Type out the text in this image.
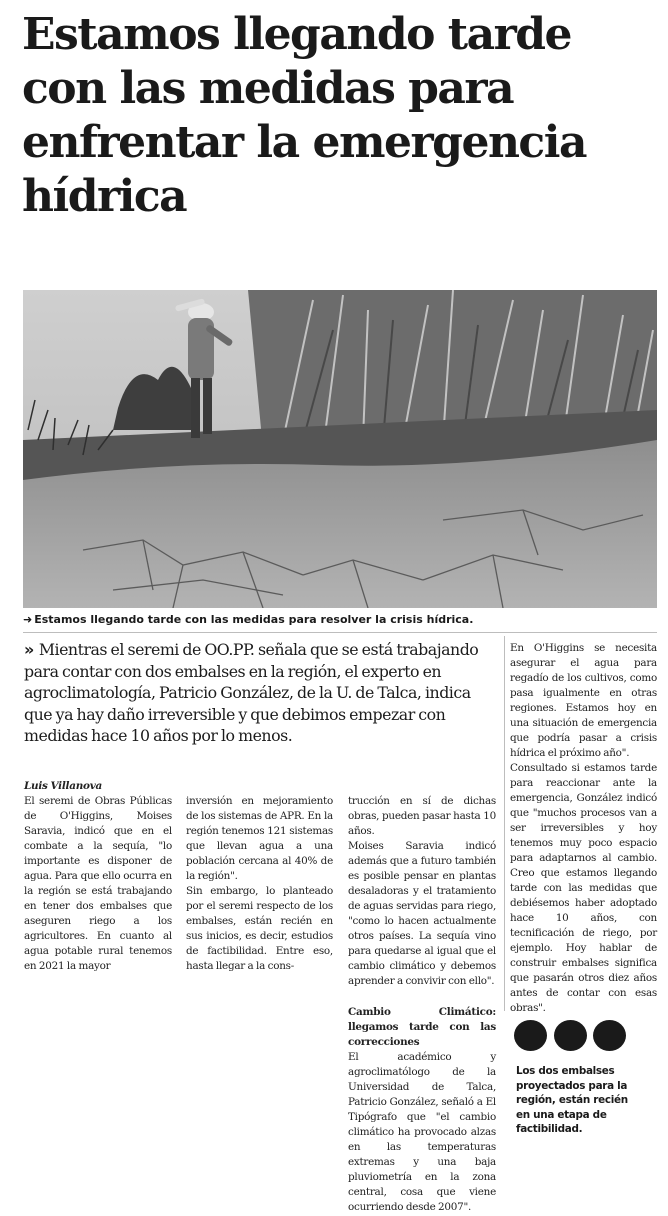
Estamos llegando tarde con las medidas para enfrentar la emergencia hídrica
➜ Estamos llegando tarde con las medidas para resolver la crisis hídrica.
» Mientras el seremi de OO.PP. señala que se está trabajando para contar con dos embalses en la región, el experto en agroclimatología, Patricio González, de la U. de Talca, indica que ya hay daño irreversible y que debimos empezar con medidas hace 10 años por lo menos.
Luis Villanova

El seremi de Obras Públicas de O'Higgins, Moises Saravia, indicó que en el combate a la sequía, "lo importante es disponer de agua. Para que ello ocurra en la región se está trabajando en tener dos embalses que aseguren riego a los agricultores. En cuanto al agua potable rural tenemos en 2021 la mayor

inversión en mejoramiento de los sistemas de APR. En la región tenemos 121 sistemas que llevan agua a una población cercana al 40% de la región".

Sin embargo, lo planteado por el seremi respecto de los embalses, están recién en sus inicios, es decir, estudios de factibilidad. Entre eso, hasta llegar a la cons-

trucción en sí de dichas obras, pueden pasar hasta 10 años.

Moises Saravia indicó además que a futuro también es posible pensar en plantas desaladoras y el tratamiento de aguas servidas para riego, "como lo hacen actualmente otros países. La sequía vino para quedarse al igual que el cambio climático y debemos aprender a convivir con ello".

Cambio Climático: llegamos tarde con las correcciones

El académico y agroclimatólogo de la Universidad de Talca, Patricio González, señaló a El Tipógrafo que "el cambio climático ha provocado alzas en las temperaturas extremas y una baja pluviometría en la zona central, cosa que viene ocurriendo desde 2007".

En O'Higgins se necesita asegurar el agua para regadío de los cultivos, como pasa igualmente en otras regiones. Estamos hoy en una situación de emergencia que podría pasar a crisis hídrica el próximo año".

Consultado si estamos tarde para reaccionar ante la emergencia, González indicó que "muchos procesos van a ser irreversibles y hoy tenemos muy poco espacio para adaptarnos al cambio. Creo que estamos llegando tarde con las medidas que debiésemos haber adoptado hace 10 años, con tecnificación de riego, por ejemplo. Hoy hablar de construir embalses significa que pasarán otros diez años antes de contar con esas obras".

Los dos embalses proyectados para la región, están recién en una etapa de factibilidad.
